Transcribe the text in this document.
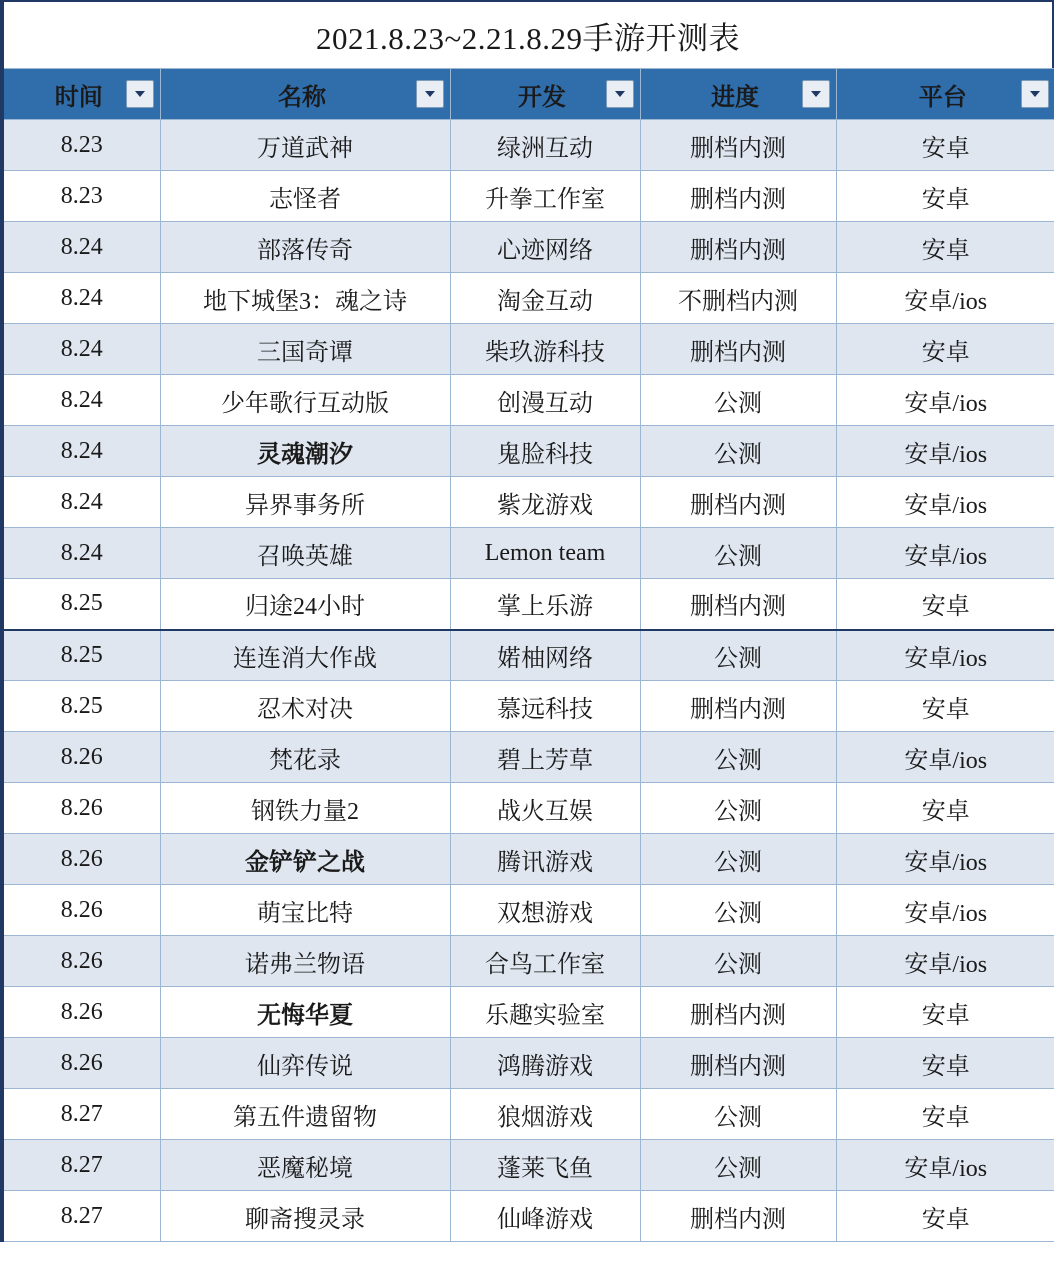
2021.8.23~2.21.8.29手游开测表
时间	名称	开发	进度	平台

8.23	万道武神	绿洲互动	删档内测	安卓
8.23	志怪者	升拳工作室	删档内测	安卓
8.24	部落传奇	心迹网络	删档内测	安卓
8.24	地下城堡3：魂之诗	淘金互动	不删档内测	安卓/ios
8.24	三国奇谭	柴玖游科技	删档内测	安卓
8.24	少年歌行互动版	创漫互动	公测	安卓/ios
8.24	灵魂潮汐	鬼脸科技	公测	安卓/ios
8.24	异界事务所	紫龙游戏	删档内测	安卓/ios
8.24	召唤英雄	Lemon team	公测	安卓/ios
8.25	归途24小时	掌上乐游	删档内测	安卓
8.25	连连消大作战	婼柚网络	公测	安卓/ios
8.25	忍术对决	慕远科技	删档内测	安卓
8.26	梵花录	碧上芳草	公测	安卓/ios
8.26	钢铁力量2	战火互娱	公测	安卓
8.26	金铲铲之战	腾讯游戏	公测	安卓/ios
8.26	萌宝比特	双想游戏	公测	安卓/ios
8.26	诺弗兰物语	合鸟工作室	公测	安卓/ios
8.26	无悔华夏	乐趣实验室	删档内测	安卓
8.26	仙弈传说	鸿腾游戏	删档内测	安卓
8.27	第五件遗留物	狼烟游戏	公测	安卓
8.27	恶魔秘境	蓬莱飞鱼	公测	安卓/ios
8.27	聊斋搜灵录	仙峰游戏	删档内测	安卓
